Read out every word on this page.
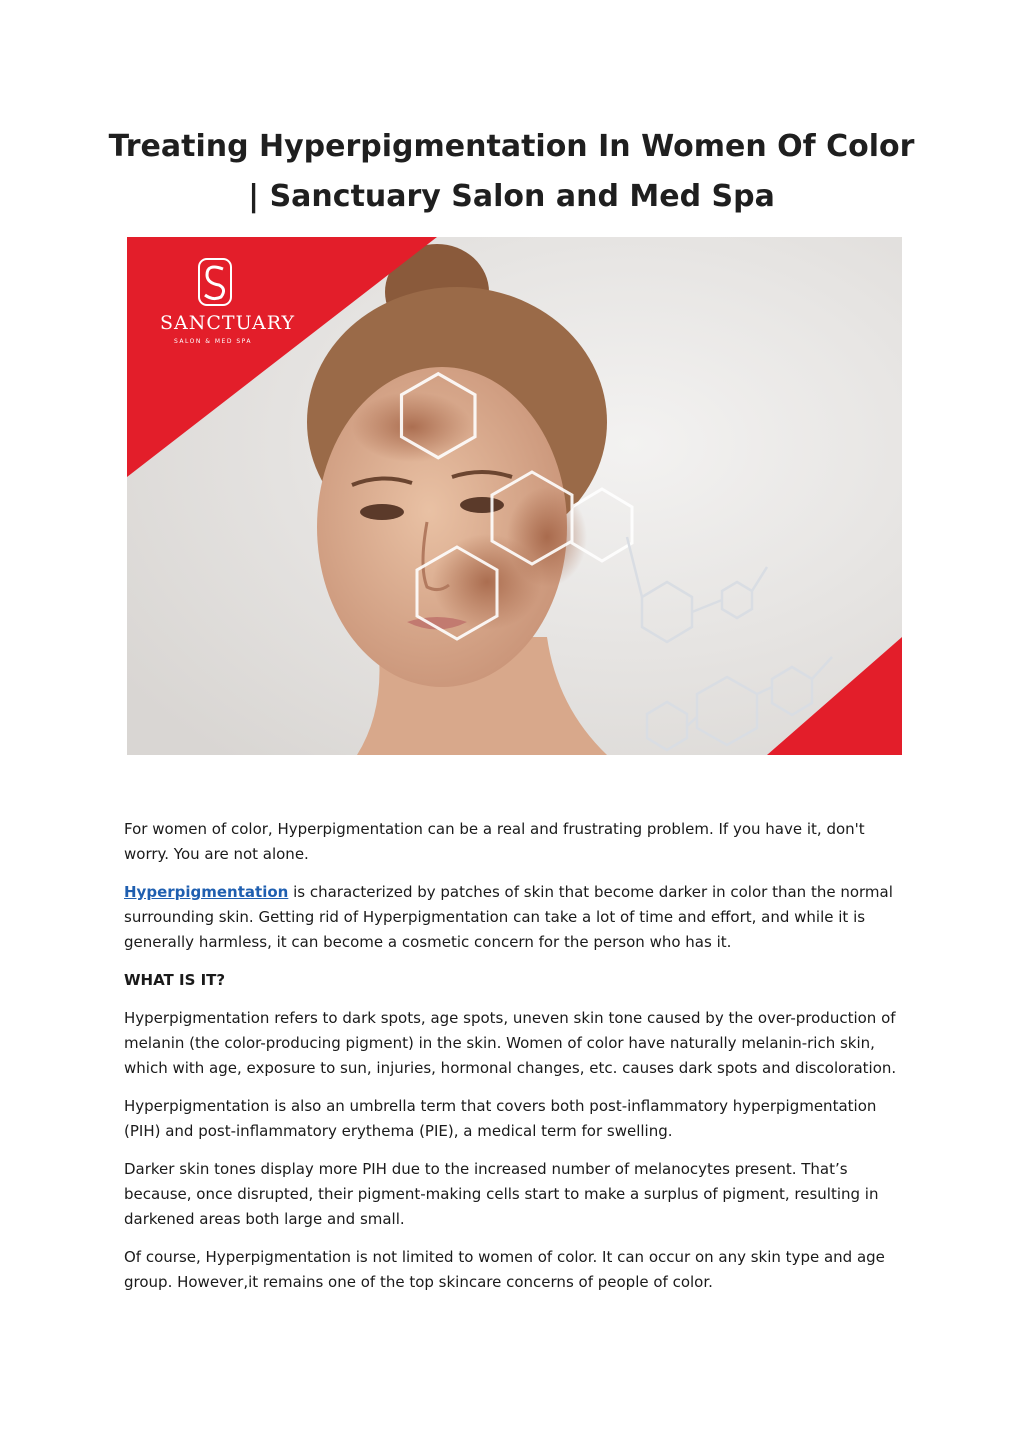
Treating Hyperpigmentation In Women Of Color
| Sanctuary Salon and Med Spa
SANCTUARY
SALON & MED SPA

For women of color, Hyperpigmentation can be a real and frustrating problem. If you have it, don't worry. You are not alone.

Hyperpigmentation is characterized by patches of skin that become darker in color than the normal surrounding skin. Getting rid of Hyperpigmentation can take a lot of time and effort, and while it is generally harmless, it can become a cosmetic concern for the person who has it.

WHAT IS IT?

Hyperpigmentation refers to dark spots, age spots, uneven skin tone caused by the over-production of melanin (the color-producing pigment) in the skin. Women of color have naturally melanin-rich skin, which with age, exposure to sun, injuries, hormonal changes, etc. causes dark spots and discoloration.

Hyperpigmentation is also an umbrella term that covers both post-inflammatory hyperpigmentation (PIH) and post-inflammatory erythema (PIE), a medical term for swelling.

Darker skin tones display more PIH due to the increased number of melanocytes present. That’s because, once disrupted, their pigment-making cells start to make a surplus of pigment, resulting in darkened areas both large and small.

Of course, Hyperpigmentation is not limited to women of color. It can occur on any skin type and age group. However,it remains one of the top skincare concerns of people of color.
